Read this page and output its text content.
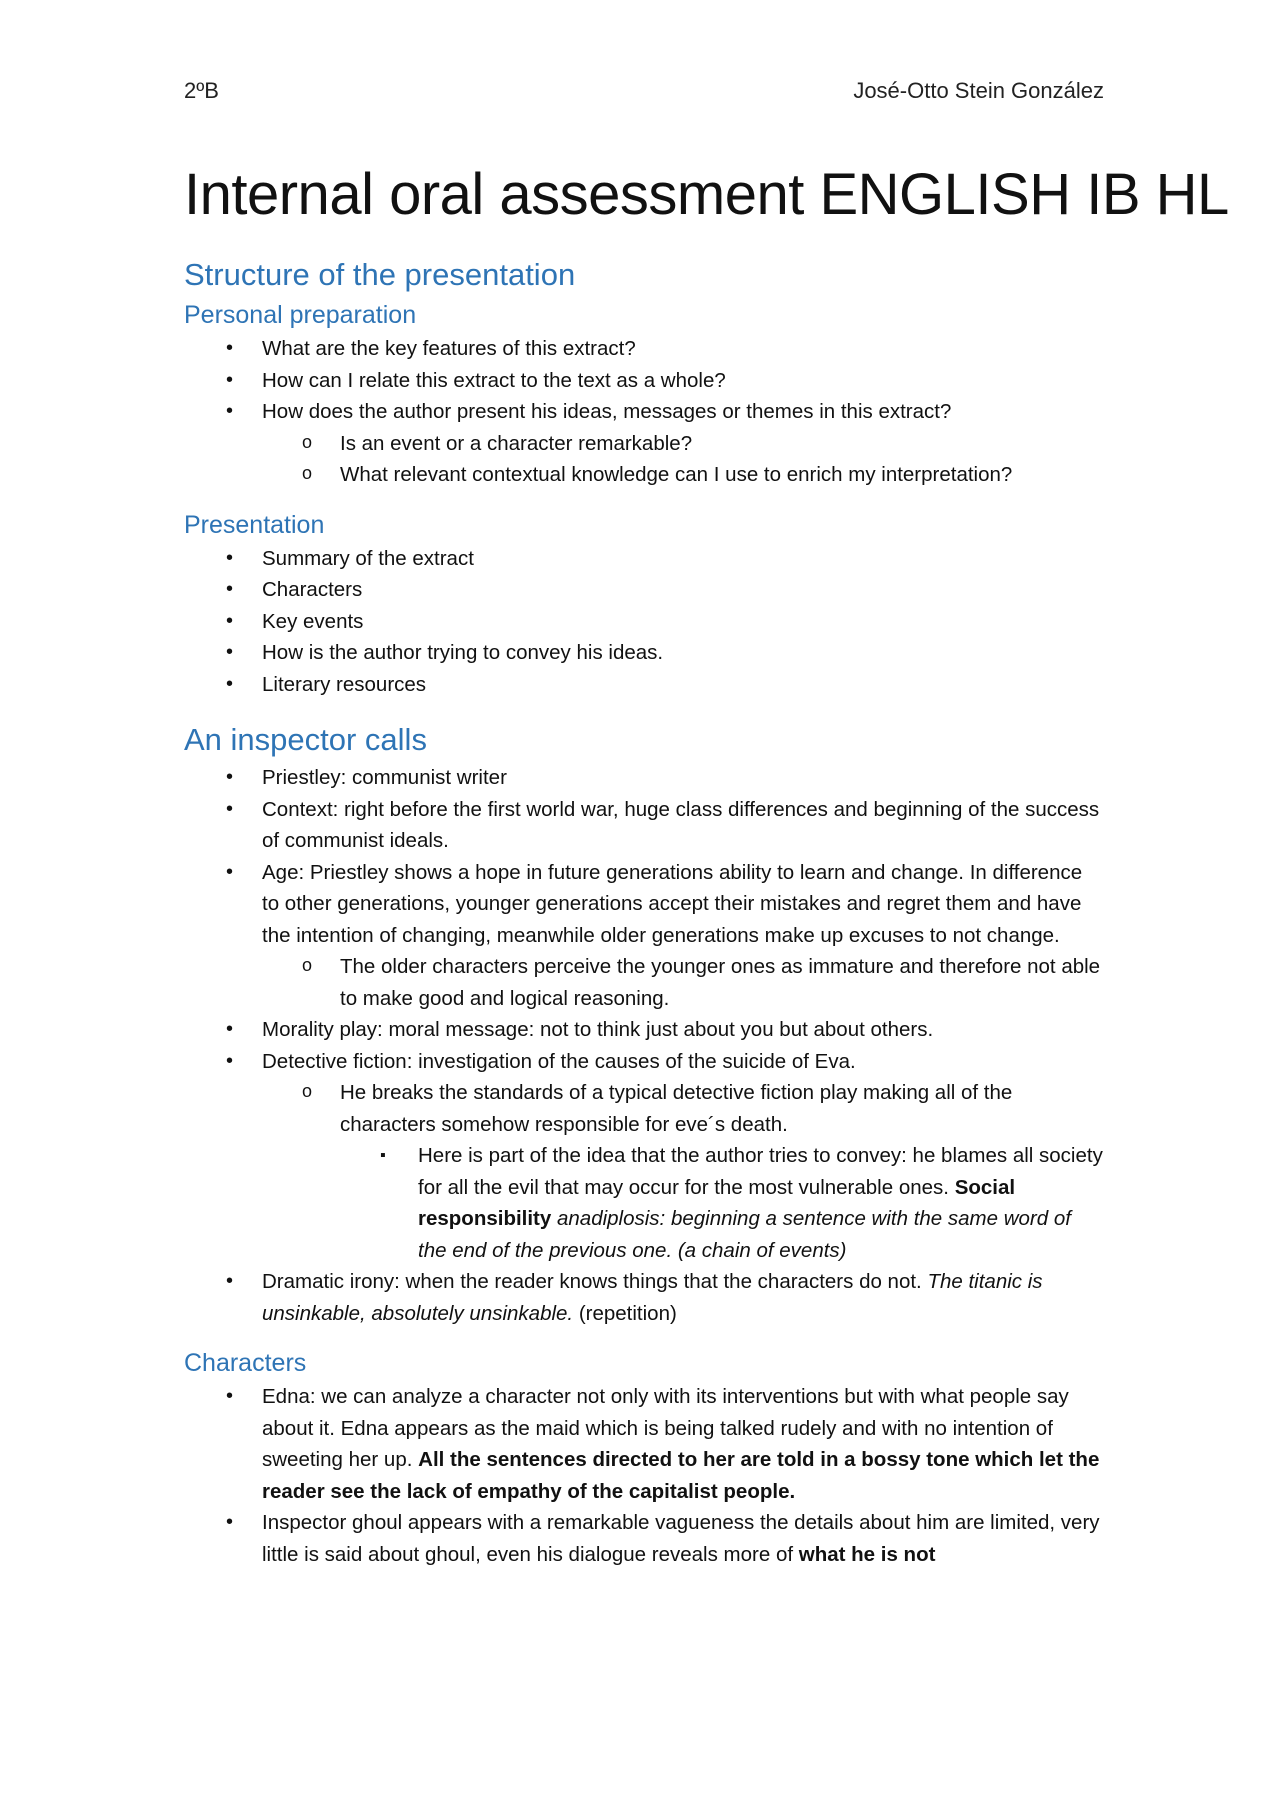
2ºB	José-Otto Stein González
Internal oral assessment ENGLISH IB HL
Structure of the presentation
Personal preparation
• What are the key features of this extract?
• How can I relate this extract to the text as a whole?
• How does the author present his ideas, messages or themes in this extract?
o Is an event or a character remarkable?
o What relevant contextual knowledge can I use to enrich my interpretation?
Presentation
• Summary of the extract
• Characters
• Key events
• How is the author trying to convey his ideas.
• Literary resources
An inspector calls
• Priestley: communist writer
• Context: right before the first world war, huge class differences and beginning of the success of communist ideals.
• Age: Priestley shows a hope in future generations ability to learn and change. In difference to other generations, younger generations accept their mistakes and regret them and have the intention of changing, meanwhile older generations make up excuses to not change.
o The older characters perceive the younger ones as immature and therefore not able to make good and logical reasoning.
• Morality play: moral message: not to think just about you but about others.
• Detective fiction: investigation of the causes of the suicide of Eva.
o He breaks the standards of a typical detective fiction play making all of the characters somehow responsible for eve´s death.
▪ Here is part of the idea that the author tries to convey: he blames all society for all the evil that may occur for the most vulnerable ones. Social responsibility anadiplosis: beginning a sentence with the same word of the end of the previous one. (a chain of events)
• Dramatic irony: when the reader knows things that the characters do not. The titanic is unsinkable, absolutely unsinkable. (repetition)
Characters
• Edna: we can analyze a character not only with its interventions but with what people say about it. Edna appears as the maid which is being talked rudely and with no intention of sweeting her up. All the sentences directed to her are told in a bossy tone which let the reader see the lack of empathy of the capitalist people.
• Inspector ghoul appears with a remarkable vagueness the details about him are limited, very little is said about ghoul, even his dialogue reveals more of what he is not
